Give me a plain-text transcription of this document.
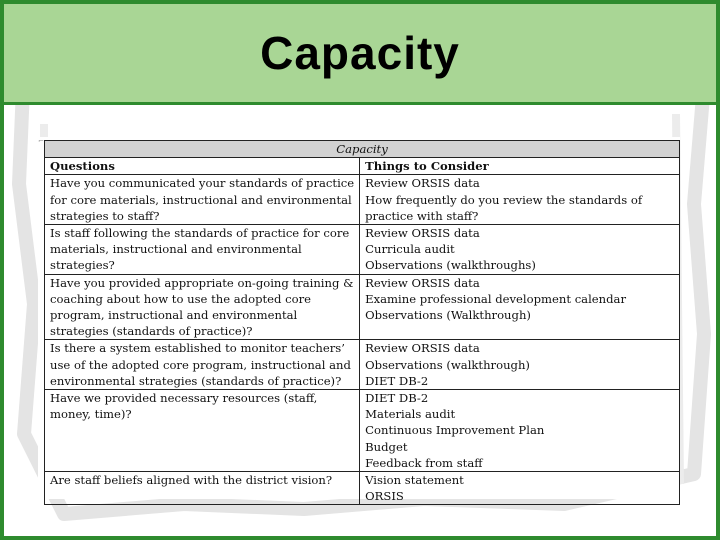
Capacity
⌐
Capacity	
Questions	Things to Consider

Have you communicated your standards of practice
for core materials, instructional and environmental
strategies to staff?	Review ORSIS data
How frequently do you review the standards of
practice with staff?

Is staff following the standards of practice for core
materials, instructional and environmental
strategies?	Review ORSIS data
Curricula audit
Observations (walkthroughs)

Have you provided appropriate on-going training &
coaching about how to use the adopted core
program, instructional and environmental
strategies (standards of practice)?	Review ORSIS data
Examine professional development calendar
Observations (Walkthrough)

Is there a system established to monitor teachers’
use of the adopted core program, instructional and
environmental strategies (standards of practice)?	Review ORSIS data
Observations (walkthrough)
DIET DB-2

Have we provided necessary resources (staff,
money, time)?	DIET DB-2
Materials audit
Continuous Improvement Plan
Budget
Feedback from staff

Are staff beliefs aligned with the district vision?	Vision statement
ORSIS
